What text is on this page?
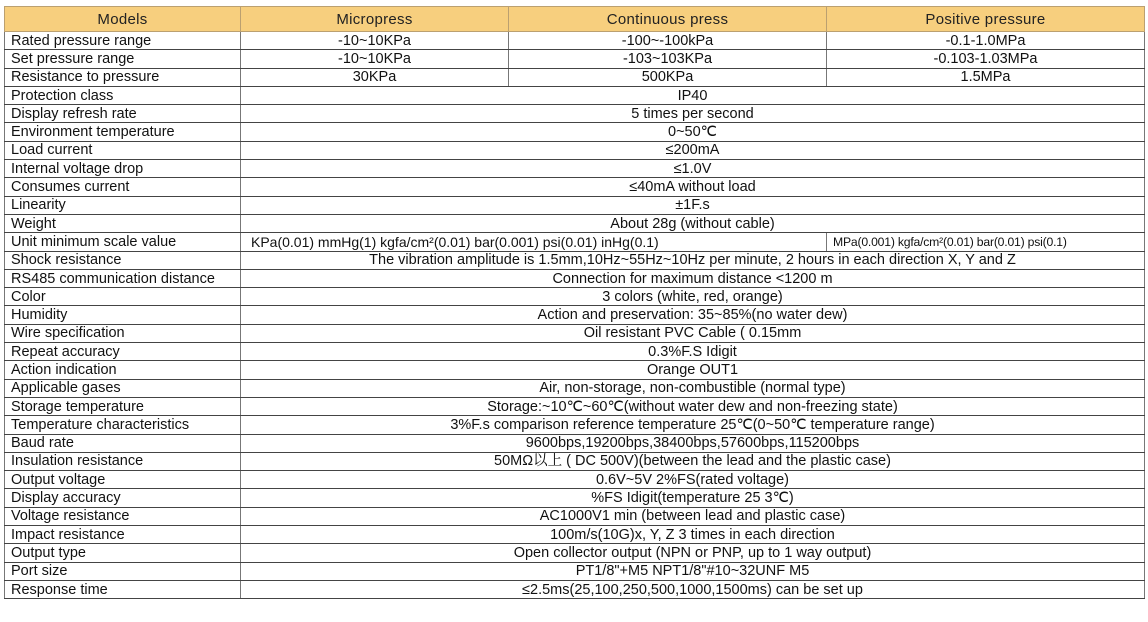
Models	Micropress	Continuous press	Positive pressure
Rated pressure range	-10~10KPa	-100~-100kPa	-0.1-1.0MPa
Set pressure range	-10~10KPa	-103~103KPa	-0.103-1.03MPa
Resistance to pressure	30KPa	500KPa	1.5MPa
Protection class	IP40		
Display refresh rate	5 times per second		
Environment temperature	0~50℃		
Load current	≤200mA		
Internal voltage drop	≤1.0V		
Consumes current	≤40mA without load		
Linearity	±1F.s		
Weight	About 28g (without cable)		
Unit minimum scale value	KPa(0.01) mmHg(1) kgfa/cm²(0.01) bar(0.001) psi(0.01) inHg(0.1)		MPa(0.001) kgfa/cm²(0.01) bar(0.01) psi(0.1)
Shock resistance	The vibration amplitude is 1.5mm,10Hz~55Hz~10Hz per minute, 2 hours in each direction X, Y and Z		
RS485 communication distance	Connection for maximum distance <1200 m		
Color	3 colors (white, red, orange)		
Humidity	Action and preservation: 35~85%(no water dew)		
Wire specification	Oil resistant PVC Cable ( 0.15mm		
Repeat accuracy	0.3%F.S Idigit		
Action indication	Orange OUT1		
Applicable gases	Air, non-storage, non-combustible (normal type)		
Storage temperature	Storage:~10℃~60℃(without water dew and non-freezing state)		
Temperature characteristics	3%F.s comparison reference temperature 25℃(0~50℃ temperature range)		
Baud rate	9600bps,19200bps,38400bps,57600bps,115200bps		
Insulation resistance	50MΩ以上 ( DC 500V)(between the lead and the plastic case)		
Output voltage	0.6V~5V 2%FS(rated voltage)		
Display accuracy	%FS Idigit(temperature 25 3℃)		
Voltage resistance	AC1000V1 min (between lead and plastic case)		
Impact resistance	100m/s(10G)x, Y, Z 3 times in each direction		
Output type	Open collector output (NPN or PNP, up to 1 way output)		
Port size	PT1/8"+M5 NPT1/8"#10~32UNF M5		
Response time	≤2.5ms(25,100,250,500,1000,1500ms) can be set up		
